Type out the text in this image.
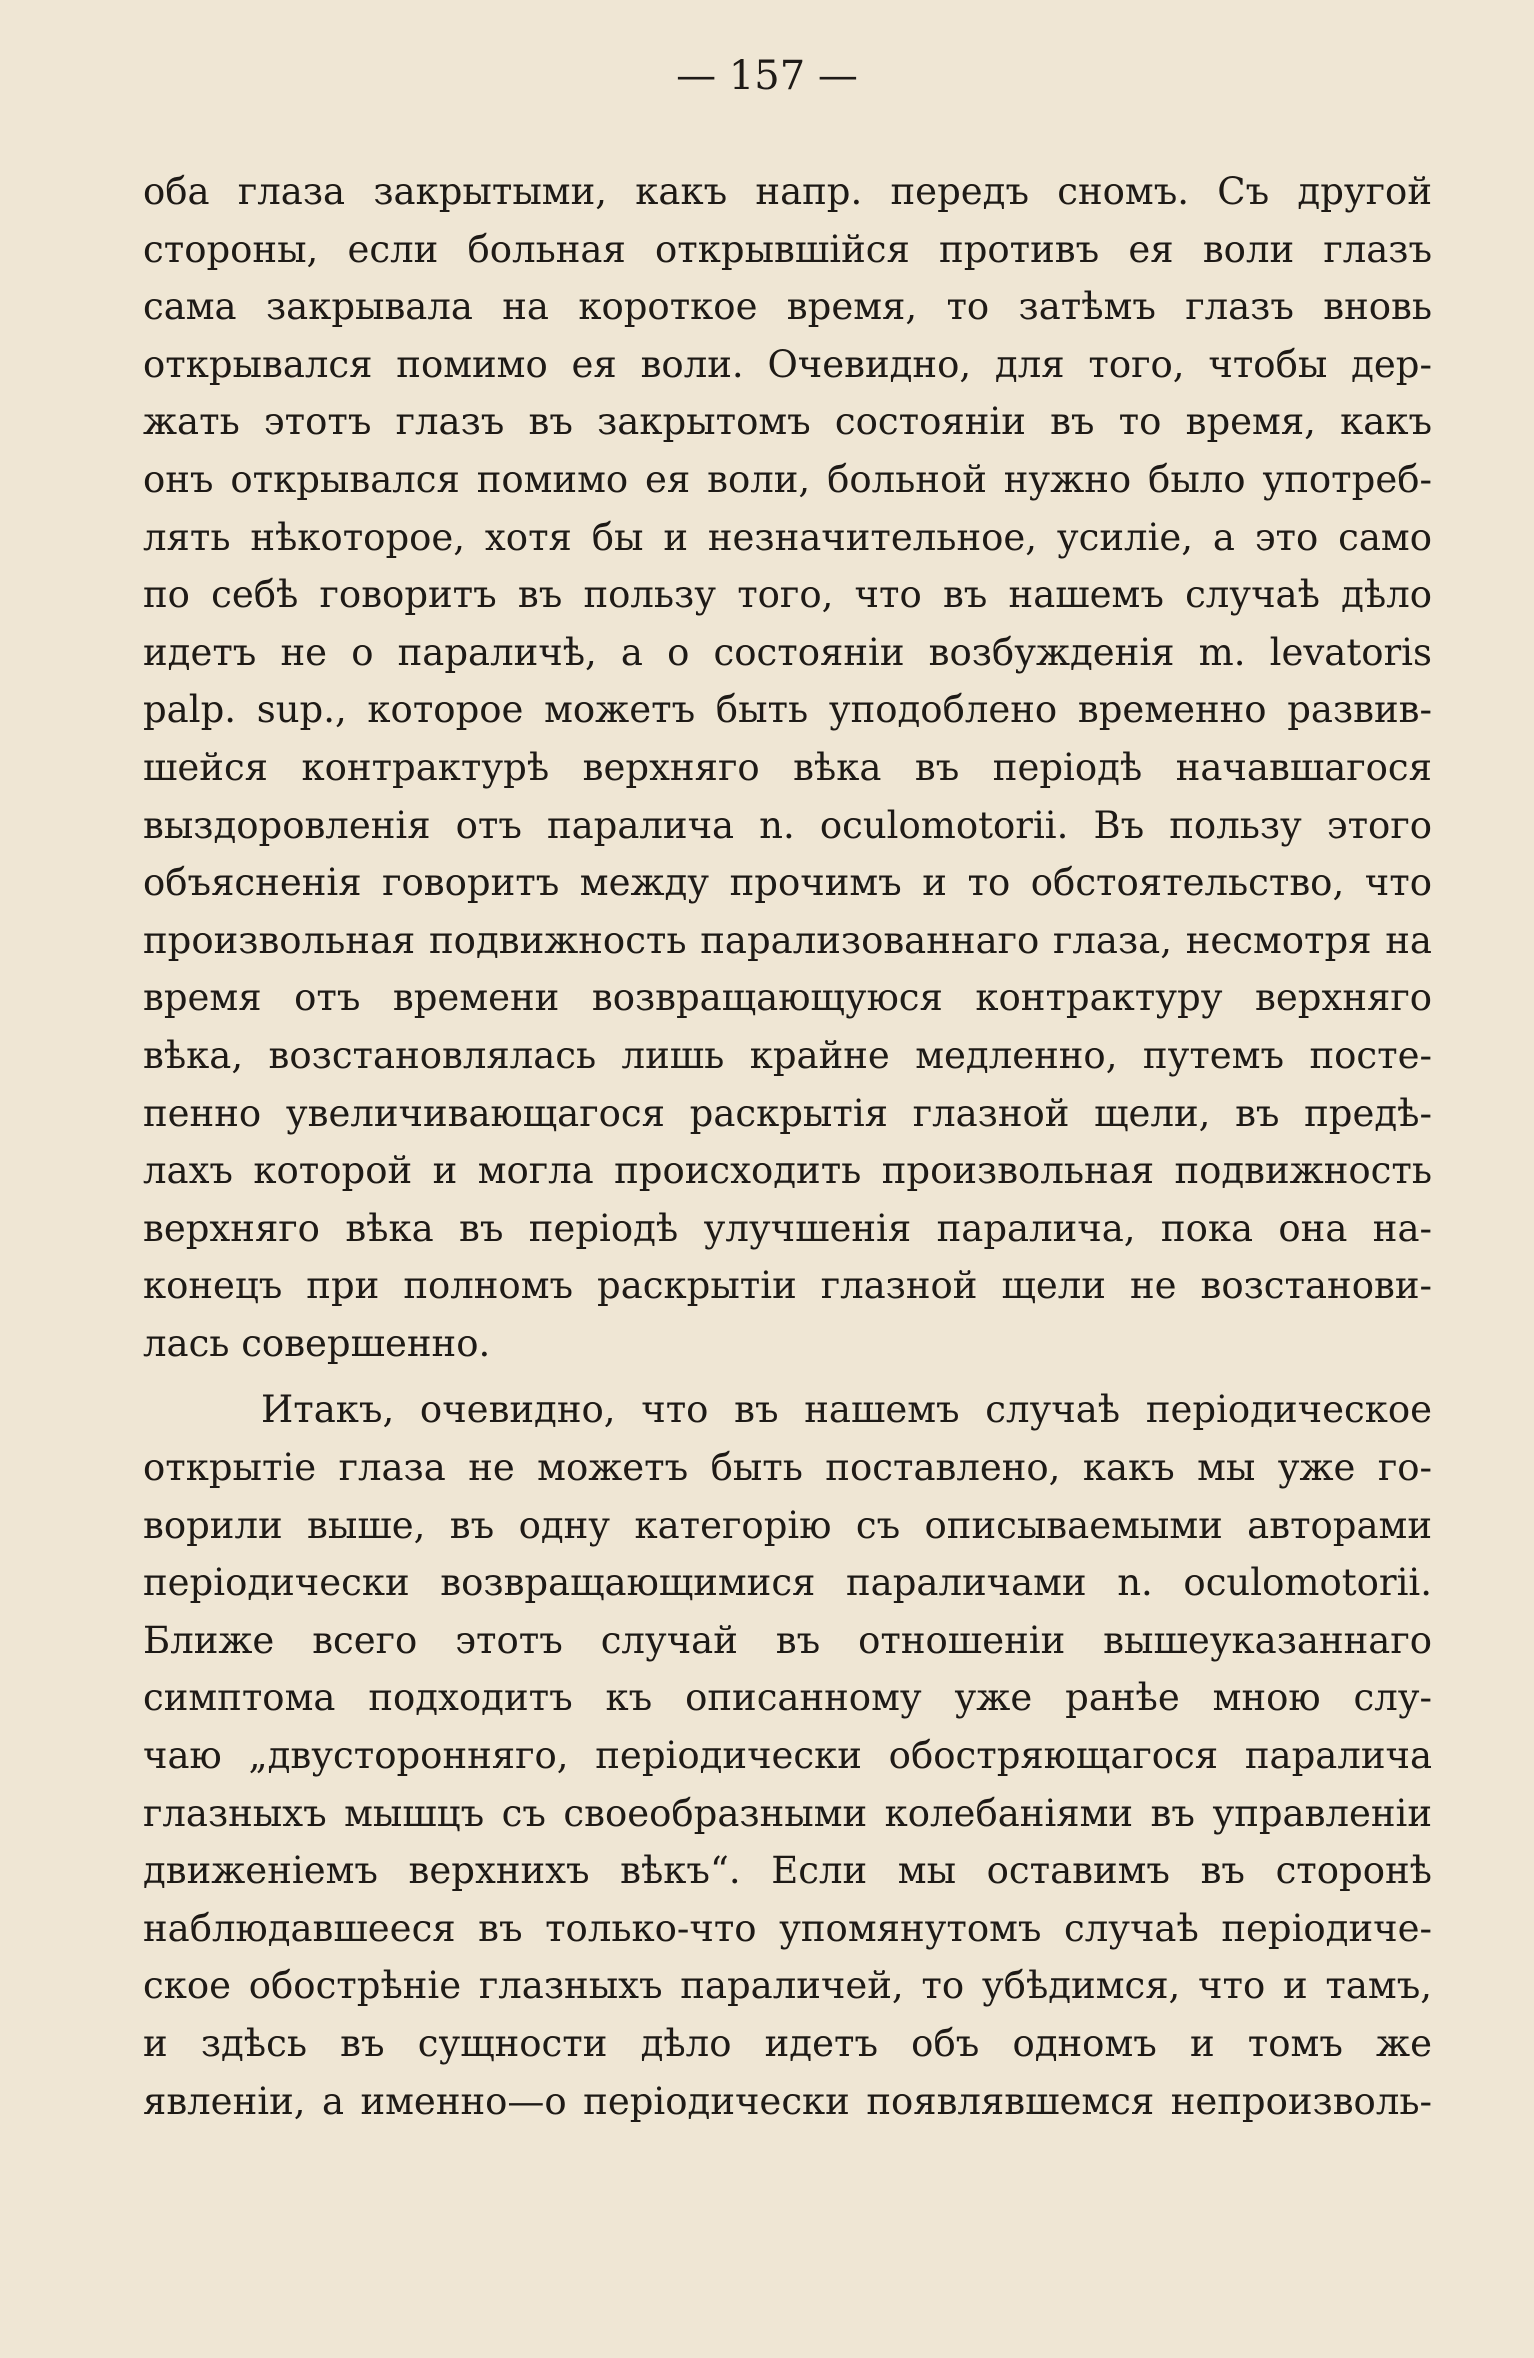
— 157 —
оба глаза закрытыми, какъ напр. передъ сномъ. Съ другой
стороны, если больная открывшійся противъ ея воли глазъ
сама закрывала на короткое время, то затѣмъ глазъ вновь
открывался помимо ея воли. Очевидно, для того, чтобы дер-
жать этотъ глазъ въ закрытомъ состояніи въ то время, какъ
онъ открывался помимо ея воли, больной нужно было употреб-
лять нѣкоторое, хотя бы и незначительное, усиліе, а это само
по себѣ говоритъ въ пользу того, что въ нашемъ случаѣ дѣло
идетъ не о параличѣ, а о состояніи возбужденія m. levatoris
palp. sup., которое можетъ быть уподоблено временно развив-
шейся контрактурѣ верхняго вѣка въ періодѣ начавшагося
выздоровленія отъ паралича n. oculomotorii. Въ пользу этого
объясненія говоритъ между прочимъ и то обстоятельство, что
произвольная подвижность парализованнаго глаза, несмотря на
время отъ времени возвращающуюся контрактуру верхняго
вѣка, возстановлялась лишь крайне медленно, путемъ посте-
пенно увеличивающагося раскрытія глазной щели, въ предѣ-
лахъ которой и могла происходить произвольная подвижность
верхняго вѣка въ періодѣ улучшенія паралича, пока она на-
конецъ при полномъ раскрытіи глазной щели не возстанови-
лась совершенно.
Итакъ, очевидно, что въ нашемъ случаѣ періодическое
открытіе глаза не можетъ быть поставлено, какъ мы уже го-
ворили выше, въ одну категорію съ описываемыми авторами
періодически возвращающимися параличами n. oculomotorii.
Ближе всего этотъ случай въ отношеніи вышеуказаннаго
симптома подходитъ къ описанному уже ранѣе мною слу-
чаю „двусторонняго, періодически обостряющагося паралича
глазныхъ мышцъ съ своеобразными колебаніями въ управленіи
движеніемъ верхнихъ вѣкъ“. Если мы оставимъ въ сторонѣ
наблюдавшееся въ только-что упомянутомъ случаѣ періодиче-
ское обострѣніе глазныхъ параличей, то убѣдимся, что и тамъ,
и здѣсь въ сущности дѣло идетъ объ одномъ и томъ же
явленіи, а именно—о періодически появлявшемся непроизволь-
